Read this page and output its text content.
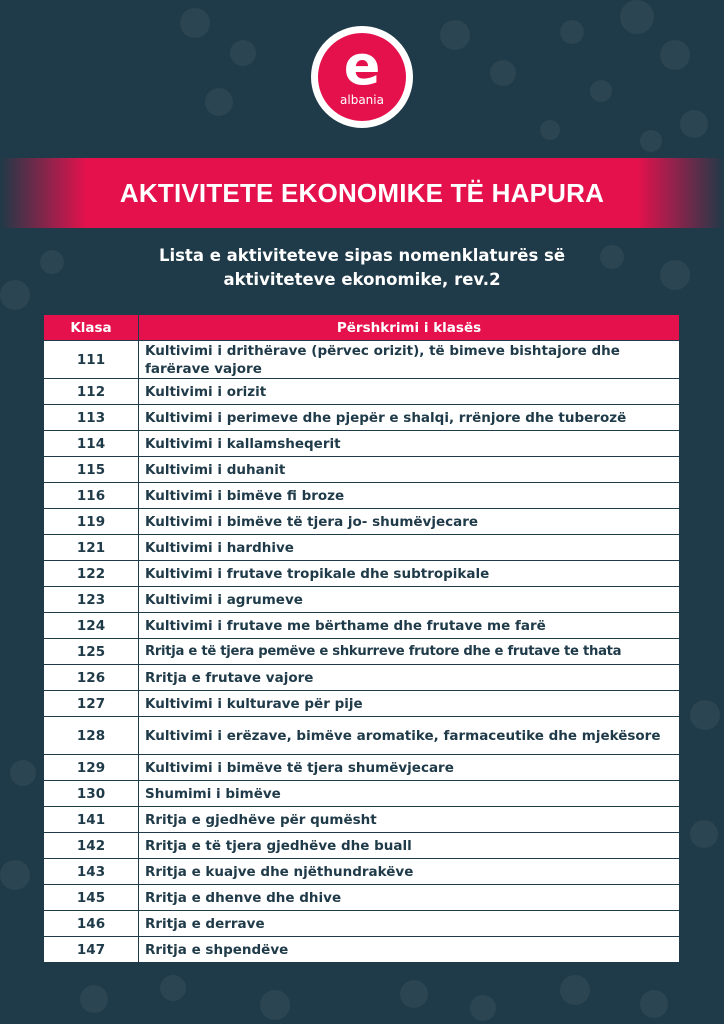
e
albania
AKTIVITETE EKONOMIKE TË HAPURA
Lista e aktiviteteve sipas nomenklaturës së
aktiviteteve ekonomike, rev.2
Klasa	Përshkrimi i klasës
111	Kultivimi i drithërave (përvec orizit), të bimeve bishtajore dhe farërave vajore
112	Kultivimi i orizit
113	Kultivimi i perimeve dhe pjepër e shalqi, rrënjore dhe tuberozë
114	Kultivimi i kallamsheqerit
115	Kultivimi i duhanit
116	Kultivimi i bimëve fi broze
119	Kultivimi i bimëve të tjera jo- shumëvjecare
121	Kultivimi i hardhive
122	Kultivimi i frutave tropikale dhe subtropikale
123	Kultivimi i agrumeve
124	Kultivimi i frutave me bërthame dhe frutave me farë
125	Rritja e të tjera pemëve e shkurreve frutore dhe e frutave te thata
126	Rritja e frutave vajore
127	Kultivimi i kulturave për pije
128	Kultivimi i erëzave, bimëve aromatike, farmaceutike dhe mjekësore
129	Kultivimi i bimëve të tjera shumëvjecare
130	Shumimi i bimëve
141	Rritja e gjedhëve për qumësht
142	Rritja e të tjera gjedhëve dhe buall
143	Rritja e kuajve dhe njëthundrakëve
145	Rritja e dhenve dhe dhive
146	Rritja e derrave
147	Rritja e shpendëve
